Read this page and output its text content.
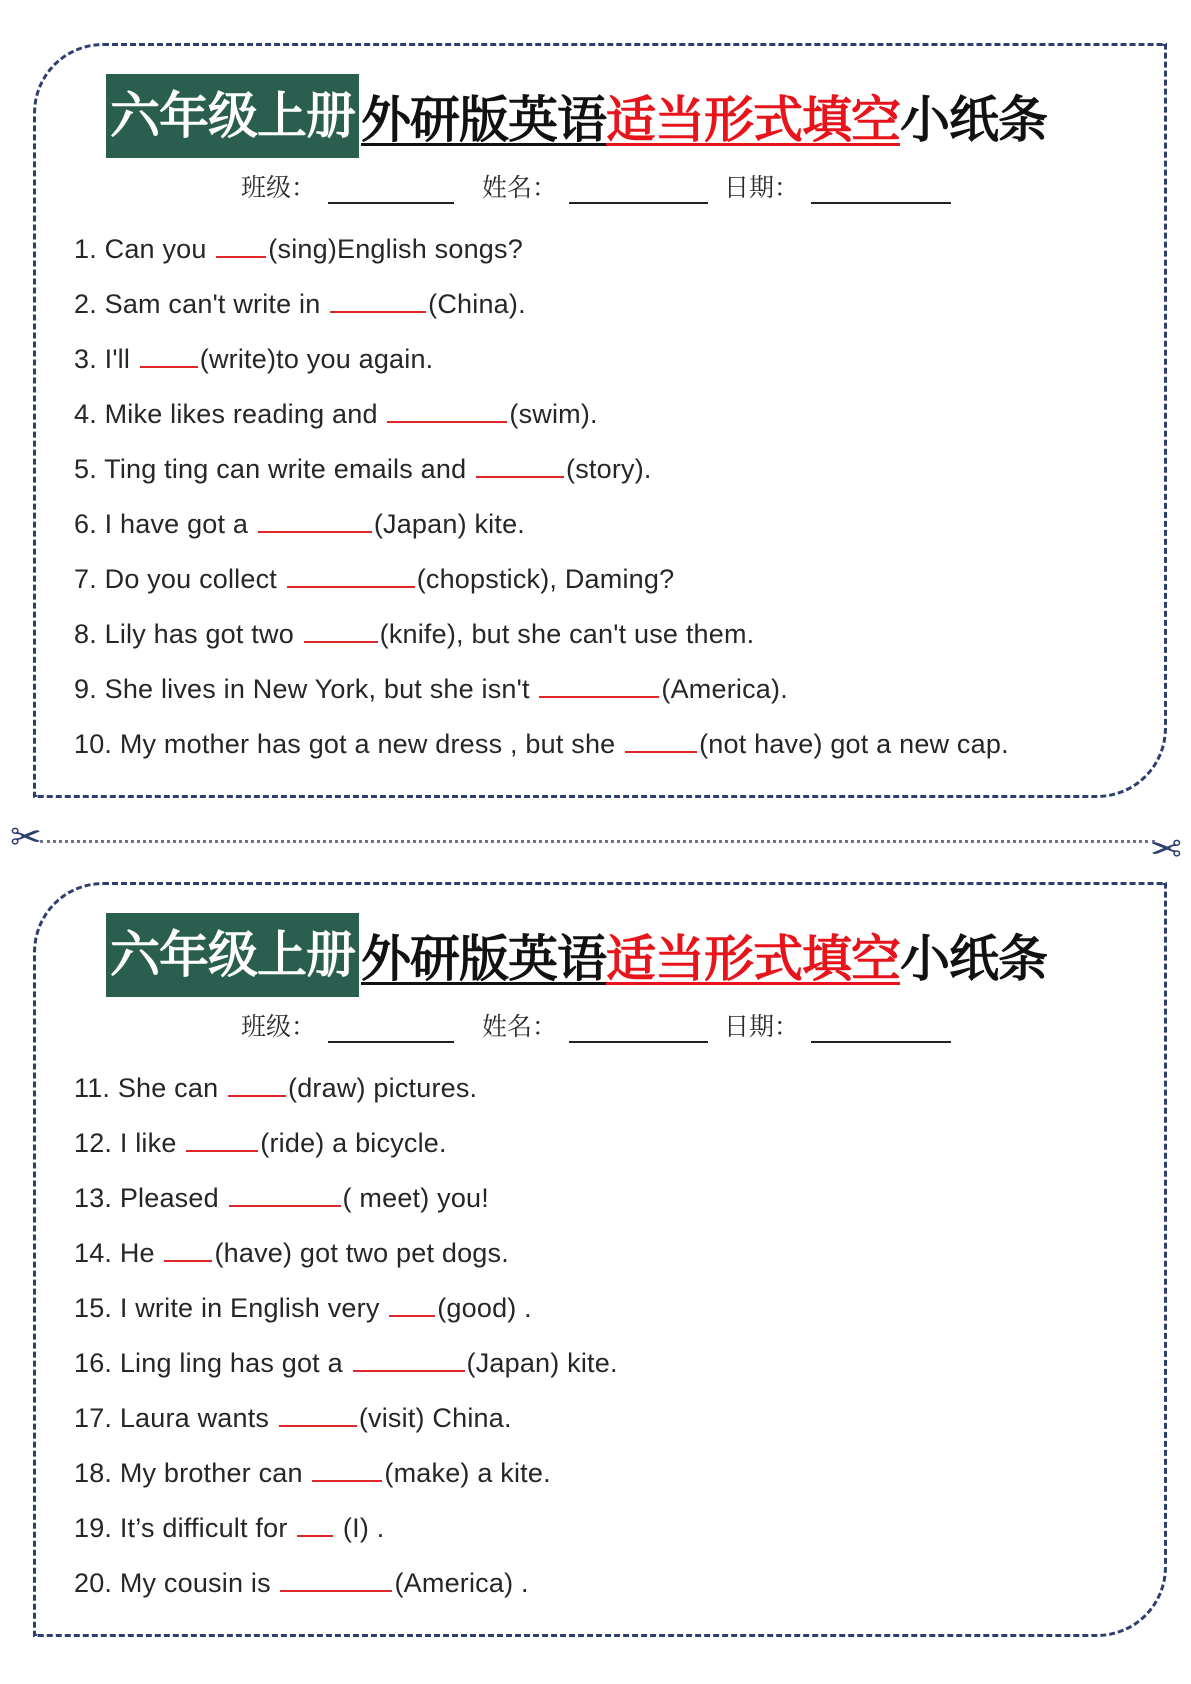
六年级上册 外研版英语 适当形式填空 小纸条
班级：	姓名：	日期：
1. Can you (sing)English songs?
2. Sam can't write in	(China).
3. I'll (write)to you again.
4. Mike likes reading and	(swim).
5. Ting ting can write emails and	(story).
6. I have got a	(Japan) kite.
7. Do you collect	(chopstick), Daming?
8. Lily has got two	(knife), but she can't use them.
9. She lives in New York, but she isn't	(America).
10. My mother has got a new dress , but she	(not have) got a new cap.
✂	✂
六年级上册 外研版英语 适当形式填空 小纸条
班级：	姓名：	日期：
11. She can (draw) pictures.
12. I like	(ride) a bicycle.
13. Pleased	( meet) you!
14. He (have) got two pet dogs.
15. I write in English very (good) .
16. Ling ling has got a	(Japan) kite.
17. Laura wants	(visit) China.
18. My brother can	(make) a kite.
19. It’s difficult for  (I) .
20. My cousin is	(America) .
